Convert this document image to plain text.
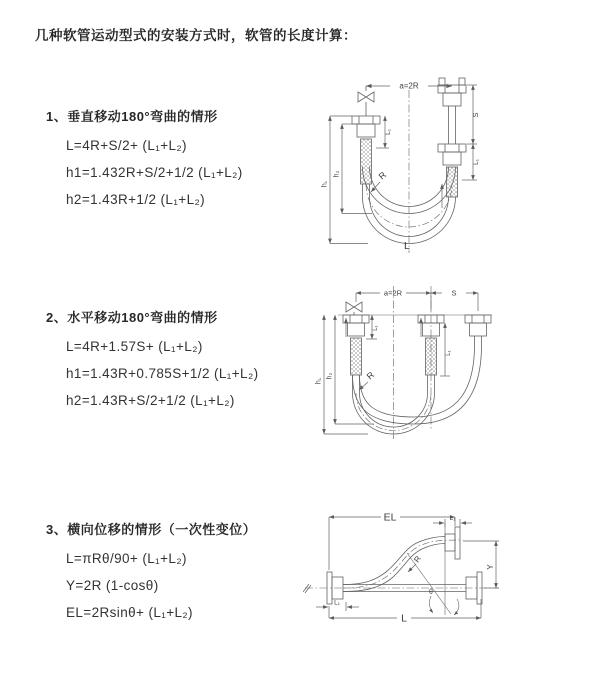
几种软管运动型式的安装方式时，软管的长度计算：
1、垂直移动180°弯曲的情形
L=4R+S/2+ (L₁+L₂)
h1=1.432R+S/2+1/2 (L₁+L₂)
h2=1.43R+1/2 (L₁+L₂)
2、水平移动180°弯曲的情形
L=4R+1.57S+ (L₁+L₂)
h1=1.43R+0.785S+1/2 (L₁+L₂)
h2=1.43R+S/2+1/2 (L₁+L₂)
3、横向位移的情形（一次性变位）
L=πRθ/90+ (L₁+L₂)
Y=2R (1-cosθ)
EL=2Rsinθ+ (L₁+L₂)
a=2R
L₁
S
L₁
h₁
h₂	R
L
a=2R	S
h₁
h₂
L₁
L₁
R
EL	L₁
Y
R
θ
L
L₁
